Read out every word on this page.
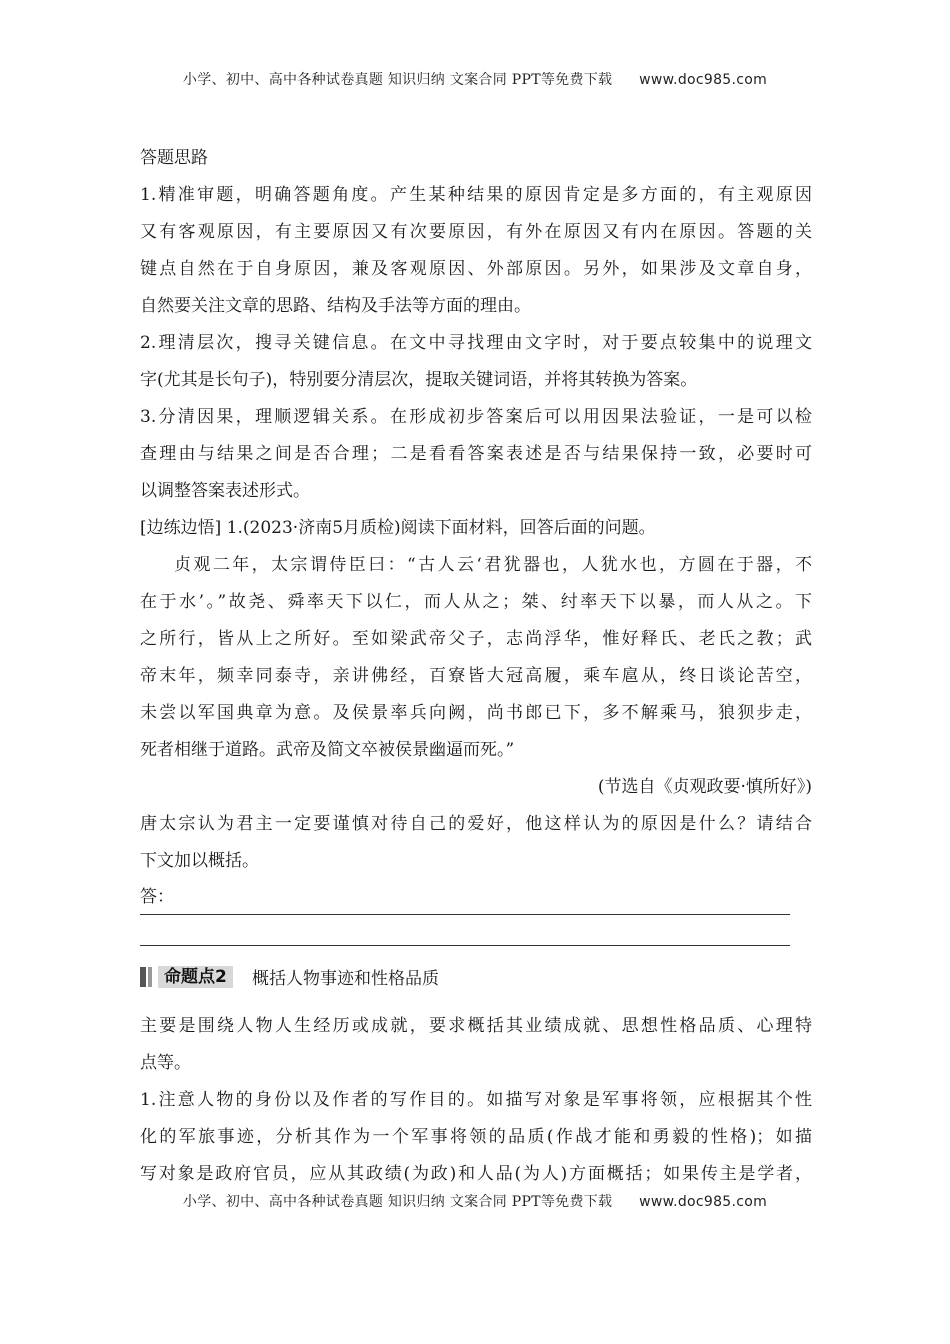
小学、初中、高中各种试卷真题 知识归纳 文案合同 PPT等免费下载 www.doc985.com
答题思路
1.精准审题，明确答题角度。产生某种结果的原因肯定是多方面的，有主观原因
又有客观原因，有主要原因又有次要原因，有外在原因又有内在原因。答题的关
键点自然在于自身原因，兼及客观原因、外部原因。另外，如果涉及文章自身，
自然要关注文章的思路、结构及手法等方面的理由。
2.理清层次，搜寻关键信息。在文中寻找理由文字时，对于要点较集中的说理文
字(尤其是长句子)，特别要分清层次，提取关键词语，并将其转换为答案。
3.分清因果，理顺逻辑关系。在形成初步答案后可以用因果法验证，一是可以检
查理由与结果之间是否合理；二是看看答案表述是否与结果保持一致，必要时可
以调整答案表述形式。
[边练边悟] 1.(2023·济南5月质检)阅读下面材料，回答后面的问题。
贞观二年，太宗谓侍臣曰：“古人云‘君犹器也，人犹水也，方圆在于器，不
在于水’。”故尧、舜率天下以仁，而人从之；桀、纣率天下以暴，而人从之。下
之所行，皆从上之所好。至如梁武帝父子，志尚浮华，惟好释氏、老氏之教；武
帝末年，频幸同泰寺，亲讲佛经，百寮皆大冠高履，乘车扈从，终日谈论苦空，
未尝以军国典章为意。及侯景率兵向阙，尚书郎已下，多不解乘马，狼狈步走，
死者相继于道路。武帝及简文卒被侯景幽逼而死。”
(节选自《贞观政要·慎所好》)
唐太宗认为君主一定要谨慎对待自己的爱好，他这样认为的原因是什么？请结合
下文加以概括。
答：
命题点2	概括人物事迹和性格品质
主要是围绕人物人生经历或成就，要求概括其业绩成就、思想性格品质、心理特
点等。
1.注意人物的身份以及作者的写作目的。如描写对象是军事将领，应根据其个性
化的军旅事迹，分析其作为一个军事将领的品质(作战才能和勇毅的性格)；如描
写对象是政府官员，应从其政绩(为政)和人品(为人)方面概括；如果传主是学者，
小学、初中、高中各种试卷真题 知识归纳 文案合同 PPT等免费下载 www.doc985.com
